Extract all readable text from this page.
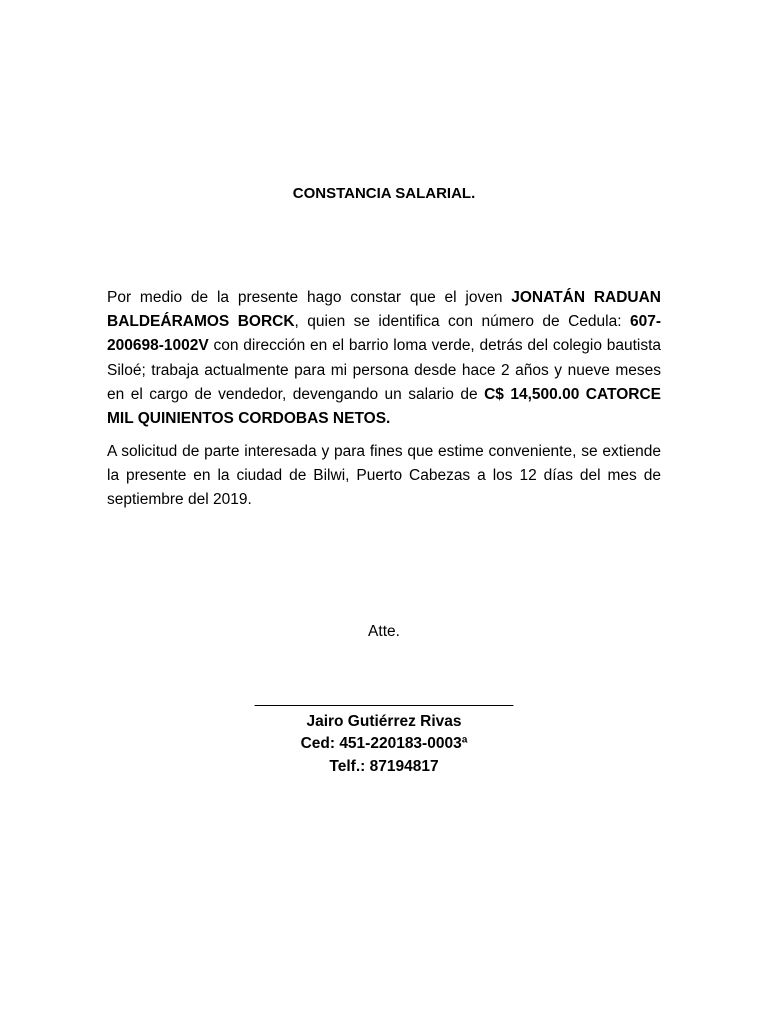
CONSTANCIA SALARIAL.

Por medio de la presente hago constar que el joven JONATÁN RADUAN BALDEÁRAMOS BORCK, quien se identifica con número de Cedula: 607-200698-1002V con dirección en el barrio loma verde, detrás del colegio bautista Siloé; trabaja actualmente para mi persona desde hace 2 años y nueve meses en el cargo de vendedor, devengando un salario de C$ 14,500.00 CATORCE MIL QUINIENTOS CORDOBAS NETOS.

A solicitud de parte interesada y para fines que estime conveniente, se extiende la presente en la ciudad de Bilwi, Puerto Cabezas a los 12 días del mes de septiembre del 2019.

Atte.
______________________________
Jairo Gutiérrez Rivas
Ced: 451-220183-0003ª
Telf.: 87194817
